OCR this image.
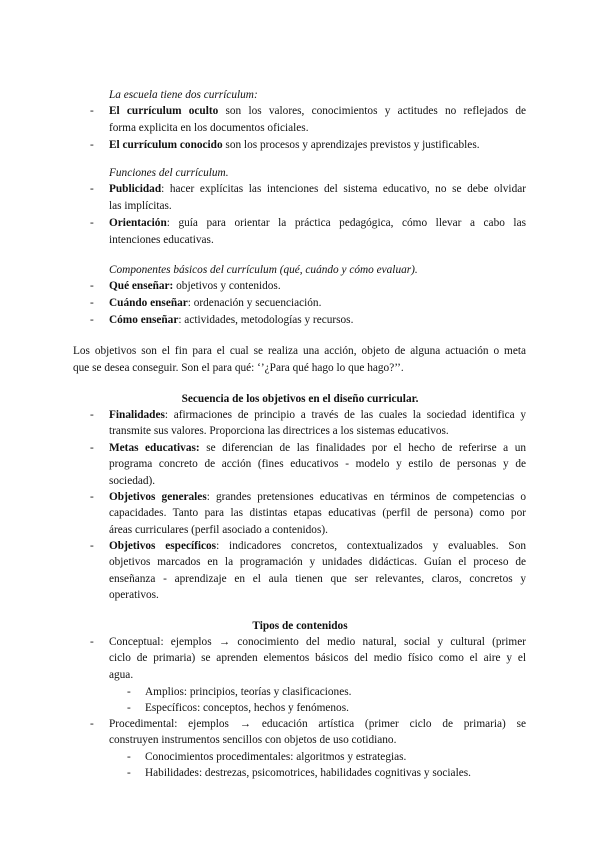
La escuela tiene dos currículum:
- El currículum oculto son los valores, conocimientos y actitudes no reflejados de
forma explicita en los documentos oficiales.
- El currículum conocido son los procesos y aprendizajes previstos y justificables.
Funciones del currículum.
- Publicidad: hacer explícitas las intenciones del sistema educativo, no se debe olvidar
las implícitas.
- Orientación: guía para orientar la práctica pedagógica, cómo llevar a cabo las
intenciones educativas.
Componentes básicos del currículum (qué, cuándo y cómo evaluar).
- Qué enseñar: objetivos y contenidos.
- Cuándo enseñar: ordenación y secuenciación.
- Cómo enseñar: actividades, metodologías y recursos.
Los objetivos son el fin para el cual se realiza una acción, objeto de alguna actuación o meta
que se desea conseguir. Son el para qué: ‘’¿Para qué hago lo que hago?’’.
Secuencia de los objetivos en el diseño curricular.
- Finalidades: afirmaciones de principio a través de las cuales la sociedad identifica y
transmite sus valores. Proporciona las directrices a los sistemas educativos.
- Metas educativas: se diferencian de las finalidades por el hecho de referirse a un
programa concreto de acción (fines educativos - modelo y estilo de personas y de
sociedad).
- Objetivos generales: grandes pretensiones educativas en términos de competencias o
capacidades. Tanto para las distintas etapas educativas (perfil de persona) como por
áreas curriculares (perfil asociado a contenidos).
- Objetivos específicos: indicadores concretos, contextualizados y evaluables. Son
objetivos marcados en la programación y unidades didácticas. Guían el proceso de
enseñanza - aprendizaje en el aula tienen que ser relevantes, claros, concretos y
operativos.
Tipos de contenidos
- Conceptual: ejemplos → conocimiento del medio natural, social y cultural (primer
ciclo de primaria) se aprenden elementos básicos del medio físico como el aire y el
agua.
- Amplios: principios, teorías y clasificaciones.
- Específicos: conceptos, hechos y fenómenos.
- Procedimental: ejemplos → educación artística (primer ciclo de primaria) se
construyen instrumentos sencillos con objetos de uso cotidiano.
- Conocimientos procedimentales: algoritmos y estrategias.
- Habilidades: destrezas, psicomotrices, habilidades cognitivas y sociales.
